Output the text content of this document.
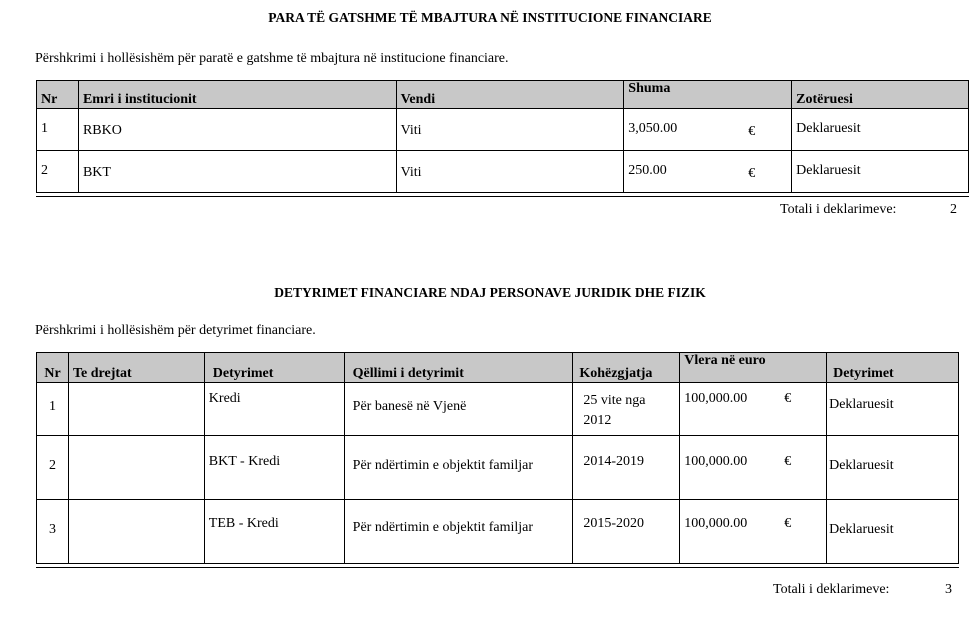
PARA TË GATSHME TË MBAJTURA NË INSTITUCIONE FINANCIARE
Përshkrimi i hollësishëm për paratë e gatshme të mbajtura në institucione financiare.
Nr	Emri i institucionit	Vendi	Shuma	Zotëruesi
1	RBKO	Viti	3,050.00 €	Deklaruesit
2	BKT	Viti	250.00 €	Deklaruesit
Totali i deklarimeve:	2
DETYRIMET FINANCIARE NDAJ PERSONAVE JURIDIK DHE FIZIK
Përshkrimi i hollësishëm për detyrimet financiare.
Nr	Te drejtat	Detyrimet	Qëllimi i detyrimit	Kohëzgjatja	Vlera në euro	Detyrimet
1		Kredi	Për banesë në Vjenë	25 vite nga 2012	100,000.00 €	Deklaruesit
2		BKT - Kredi	Për ndërtimin e objektit familjar	2014-2019	100,000.00 €	Deklaruesit
3		TEB - Kredi	Për ndërtimin e objektit familjar	2015-2020	100,000.00 €	Deklaruesit
Totali i deklarimeve:	3
